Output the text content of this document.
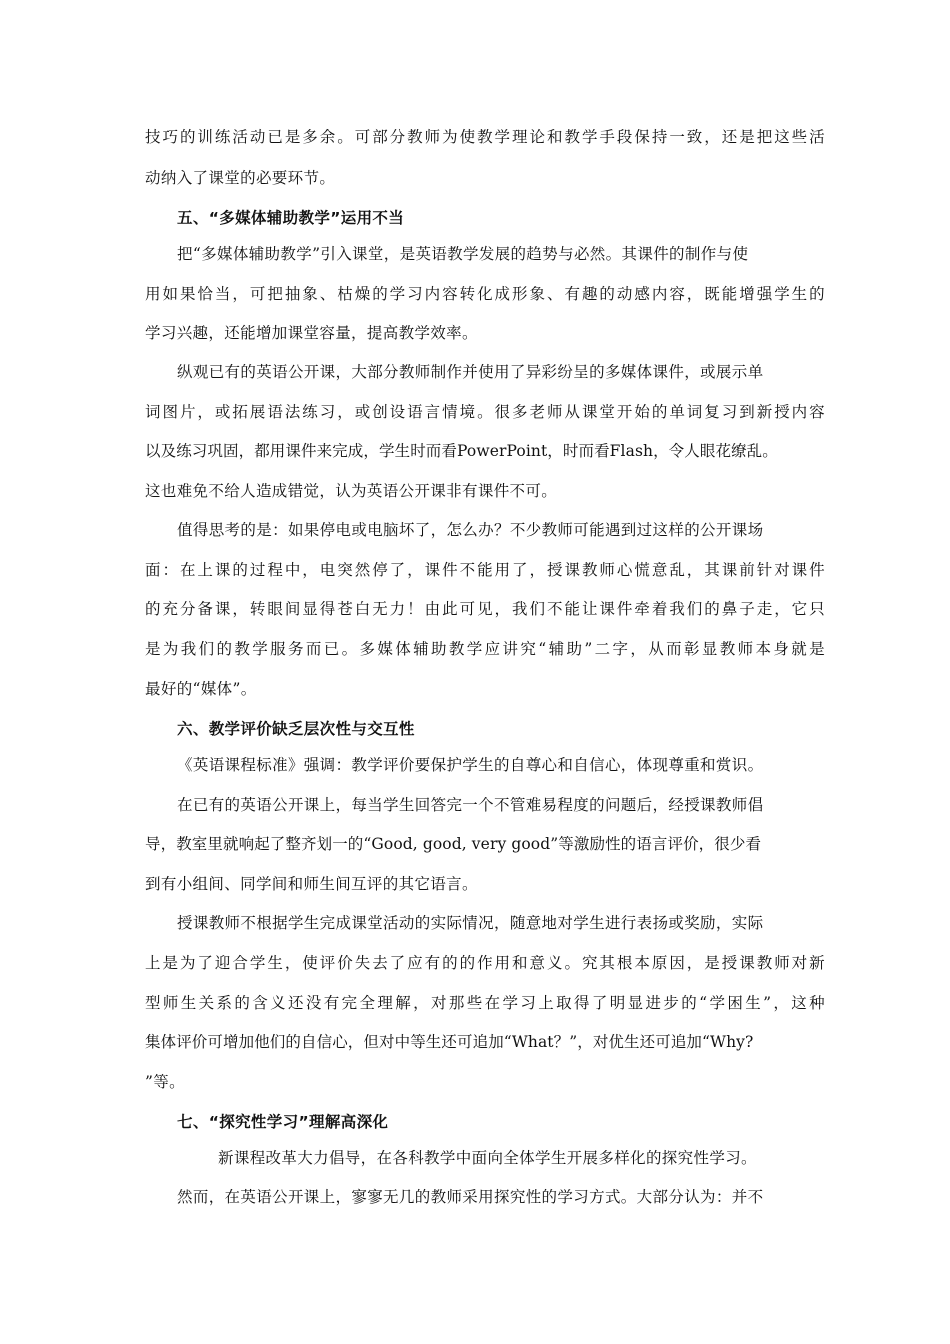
技巧的训练活动已是多余。可部分教师为使教学理论和教学手段保持一致，还是把这些活
动纳入了课堂的必要环节。
五、“多媒体辅助教学”运用不当
把“多媒体辅助教学”引入课堂，是英语教学发展的趋势与必然。其课件的制作与使
用如果恰当，可把抽象、枯燥的学习内容转化成形象、有趣的动感内容，既能增强学生的
学习兴趣，还能增加课堂容量，提高教学效率。
纵观已有的英语公开课，大部分教师制作并使用了异彩纷呈的多媒体课件，或展示单
词图片，或拓展语法练习，或创设语言情境。很多老师从课堂开始的单词复习到新授内容
以及练习巩固，都用课件来完成，学生时而看PowerPoint，时而看Flash，令人眼花缭乱。
这也难免不给人造成错觉，认为英语公开课非有课件不可。
值得思考的是：如果停电或电脑坏了，怎么办？不少教师可能遇到过这样的公开课场
面：在上课的过程中，电突然停了，课件不能用了，授课教师心慌意乱，其课前针对课件
的充分备课，转眼间显得苍白无力！由此可见，我们不能让课件牵着我们的鼻子走，它只
是为我们的教学服务而已。多媒体辅助教学应讲究“辅助”二字，从而彰显教师本身就是
最好的“媒体”。
六、教学评价缺乏层次性与交互性
《英语课程标准》强调：教学评价要保护学生的自尊心和自信心，体现尊重和赏识。
在已有的英语公开课上，每当学生回答完一个不管难易程度的问题后，经授课教师倡
导，教室里就响起了整齐划一的“Good, good, very good”等激励性的语言评价，很少看
到有小组间、同学间和师生间互评的其它语言。
授课教师不根据学生完成课堂活动的实际情况，随意地对学生进行表扬或奖励，实际
上是为了迎合学生，使评价失去了应有的的作用和意义。究其根本原因，是授课教师对新
型师生关系的含义还没有完全理解，对那些在学习上取得了明显进步的“学困生”，这种
集体评价可增加他们的自信心，但对中等生还可追加“What？”，对优生还可追加“Why?
”等。
七、“探究性学习”理解高深化
新课程改革大力倡导，在各科教学中面向全体学生开展多样化的探究性学习。
然而，在英语公开课上，寥寥无几的教师采用探究性的学习方式。大部分认为：并不
